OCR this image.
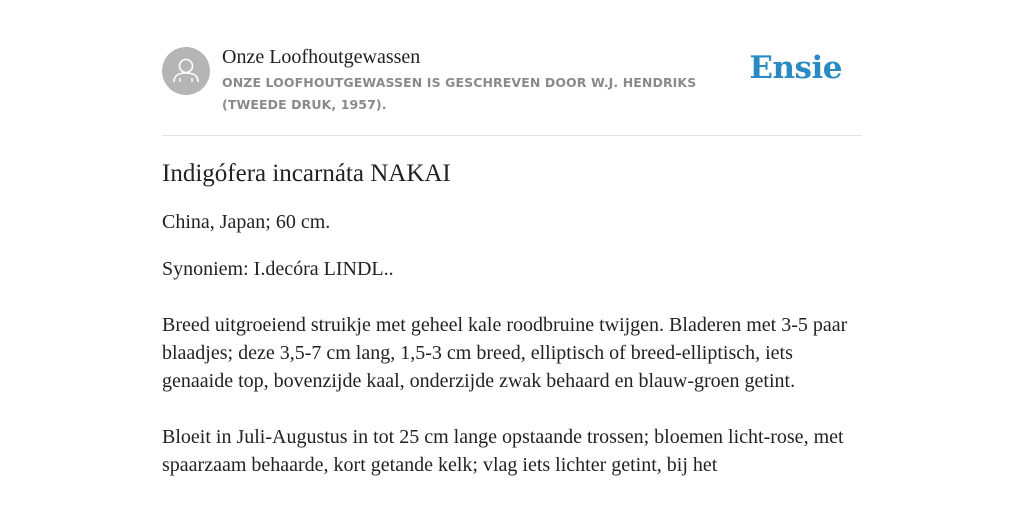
Onze Loofhoutgewassen
ONZE LOOFHOUTGEWASSEN IS GESCHREVEN DOOR W.J. HENDRIKS (TWEEDE DRUK, 1957).
Ensie
Indigófera incarnáta NAKAI

China, Japan; 60 cm.

Synoniem: I.decóra LINDL..

Breed uitgroeiend struikje met geheel kale roodbruine twijgen. Bladeren met 3-5 paar blaadjes; deze 3,5-7 cm lang, 1,5-3 cm breed, elliptisch of breed-elliptisch, iets genaaide top, bovenzijde kaal, onderzijde zwak behaard en blauw-groen getint.

Bloeit in Juli-Augustus in tot 25 cm lange opstaande trossen; bloemen licht-rose, met spaarzaam behaarde, kort getande kelk; vlag iets lichter getint, bij het
